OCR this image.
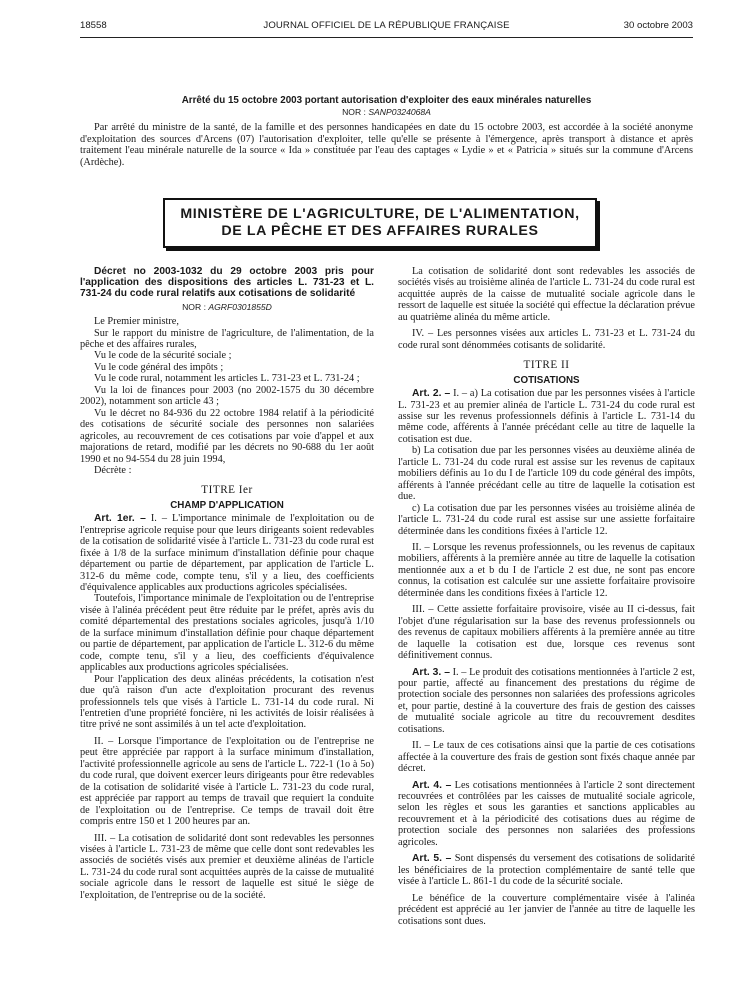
18558	JOURNAL OFFICIEL DE LA RÉPUBLIQUE FRANÇAISE	30 octobre 2003
Arrêté du 15 octobre 2003 portant autorisation d'exploiter des eaux minérales naturelles
NOR : SANP0324068A

Par arrêté du ministre de la santé, de la famille et des personnes handicapées en date du 15 octobre 2003, est accordée à la société anonyme d'exploitation des sources d'Arcens (07) l'autorisation d'exploiter, telle qu'elle se présente à l'émergence, après transport à distance et après traitement l'eau minérale naturelle de la source « Ida » constituée par l'eau des captages « Lydie » et « Patricia » situés sur la commune d'Arcens (Ardèche).

MINISTÈRE DE L'AGRICULTURE, DE L'ALIMENTATION,
DE LA PÊCHE ET DES AFFAIRES RURALES

Décret no 2003-1032 du 29 octobre 2003 pris pour l'application des dispositions des articles L. 731-23 et L. 731-24 du code rural relatifs aux cotisations de solidarité

NOR : AGRF0301855D

Le Premier ministre,

Sur le rapport du ministre de l'agriculture, de l'alimentation, de la pêche et des affaires rurales,

Vu le code de la sécurité sociale ;

Vu le code général des impôts ;

Vu le code rural, notamment les articles L. 731-23 et L. 731-24 ;

Vu la loi de finances pour 2003 (no 2002-1575 du 30 décembre 2002), notamment son article 43 ;

Vu le décret no 84-936 du 22 octobre 1984 relatif à la périodicité des cotisations de sécurité sociale des personnes non salariées agricoles, au recouvrement de ces cotisations par voie d'appel et aux majorations de retard, modifié par les décrets no 90-688 du 1er août 1990 et no 94-554 du 28 juin 1994,

Décrète :

TITRE Ier
CHAMP D'APPLICATION

Art. 1er. – I. – L'importance minimale de l'exploitation ou de l'entreprise agricole requise pour que leurs dirigeants soient redevables de la cotisation de solidarité visée à l'article L. 731-23 du code rural est fixée à 1/8 de la surface minimum d'installation définie pour chaque département ou partie de département, par application de l'article L. 312-6 du même code, compte tenu, s'il y a lieu, des coefficients d'équivalence applicables aux productions agricoles spécialisées.

Toutefois, l'importance minimale de l'exploitation ou de l'entreprise visée à l'alinéa précédent peut être réduite par le préfet, après avis du comité départemental des prestations sociales agricoles, jusqu'à 1/10 de la surface minimum d'installation définie pour chaque département ou partie de département, par application de l'article L. 312-6 du même code, compte tenu, s'il y a lieu, des coefficients d'équivalence applicables aux productions agricoles spécialisées.

Pour l'application des deux alinéas précédents, la cotisation n'est due qu'à raison d'un acte d'exploitation procurant des revenus professionnels tels que visés à l'article L. 731-14 du code rural. Ni l'entretien d'une propriété foncière, ni les activités de loisir réalisées à titre privé ne sont assimilés à un tel acte d'exploitation.

II. – Lorsque l'importance de l'exploitation ou de l'entreprise ne peut être appréciée par rapport à la surface minimum d'installation, l'activité professionnelle agricole au sens de l'article L. 722-1 (1o à 5o) du code rural, que doivent exercer leurs dirigeants pour être redevables de la cotisation de solidarité visée à l'article L. 731-23 du code rural, est appréciée par rapport au temps de travail que requiert la conduite de l'exploitation ou de l'entreprise. Ce temps de travail doit être compris entre 150 et 1 200 heures par an.

III. – La cotisation de solidarité dont sont redevables les personnes visées à l'article L. 731-23 de même que celle dont sont redevables les associés de sociétés visés aux premier et deuxième alinéas de l'article L. 731-24 du code rural sont acquittées auprès de la caisse de mutualité sociale agricole dans le ressort de laquelle est situé le siège de l'exploitation, de l'entreprise ou de la société.

La cotisation de solidarité dont sont redevables les associés de sociétés visés au troisième alinéa de l'article L. 731-24 du code rural est acquittée auprès de la caisse de mutualité sociale agricole dans le ressort de laquelle est située la société qui effectue la déclaration prévue au quatrième alinéa du même article.

IV. – Les personnes visées aux articles L. 731-23 et L. 731-24 du code rural sont dénommées cotisants de solidarité.

TITRE II
COTISATIONS

Art. 2. – I. – a) La cotisation due par les personnes visées à l'article L. 731-23 et au premier alinéa de l'article L. 731-24 du code rural est assise sur les revenus professionnels définis à l'article L. 731-14 du même code, afférents à l'année précédant celle au titre de laquelle la cotisation est due.

b) La cotisation due par les personnes visées au deuxième alinéa de l'article L. 731-24 du code rural est assise sur les revenus de capitaux mobiliers définis au 1o du I de l'article 109 du code général des impôts, afférents à l'année précédant celle au titre de laquelle la cotisation est due.

c) La cotisation due par les personnes visées au troisième alinéa de l'article L. 731-24 du code rural est assise sur une assiette forfaitaire déterminée dans les conditions fixées à l'article 12.

II. – Lorsque les revenus professionnels, ou les revenus de capitaux mobiliers, afférents à la première année au titre de laquelle la cotisation mentionnée aux a et b du I de l'article 2 est due, ne sont pas encore connus, la cotisation est calculée sur une assiette forfaitaire provisoire déterminée dans les conditions fixées à l'article 12.

III. – Cette assiette forfaitaire provisoire, visée au II ci-dessus, fait l'objet d'une régularisation sur la base des revenus professionnels ou des revenus de capitaux mobiliers afférents à la première année au titre de laquelle la cotisation est due, lorsque ces revenus sont définitivement connus.

Art. 3. – I. – Le produit des cotisations mentionnées à l'article 2 est, pour partie, affecté au financement des prestations du régime de protection sociale des personnes non salariées des professions agricoles et, pour partie, destiné à la couverture des frais de gestion des caisses de mutualité sociale agricole au titre du recouvrement desdites cotisations.

II. – Le taux de ces cotisations ainsi que la partie de ces cotisations affectée à la couverture des frais de gestion sont fixés chaque année par décret.

Art. 4. – Les cotisations mentionnées à l'article 2 sont directement recouvrées et contrôlées par les caisses de mutualité sociale agricole, selon les règles et sous les garanties et sanctions applicables au recouvrement et à la périodicité des cotisations dues au régime de protection sociale des personnes non salariées des professions agricoles.

Art. 5. – Sont dispensés du versement des cotisations de solidarité les bénéficiaires de la protection complémentaire de santé telle que visée à l'article L. 861-1 du code de la sécurité sociale.

Le bénéfice de la couverture complémentaire visée à l'alinéa précédent est apprécié au 1er janvier de l'année au titre de laquelle les cotisations sont dues.
